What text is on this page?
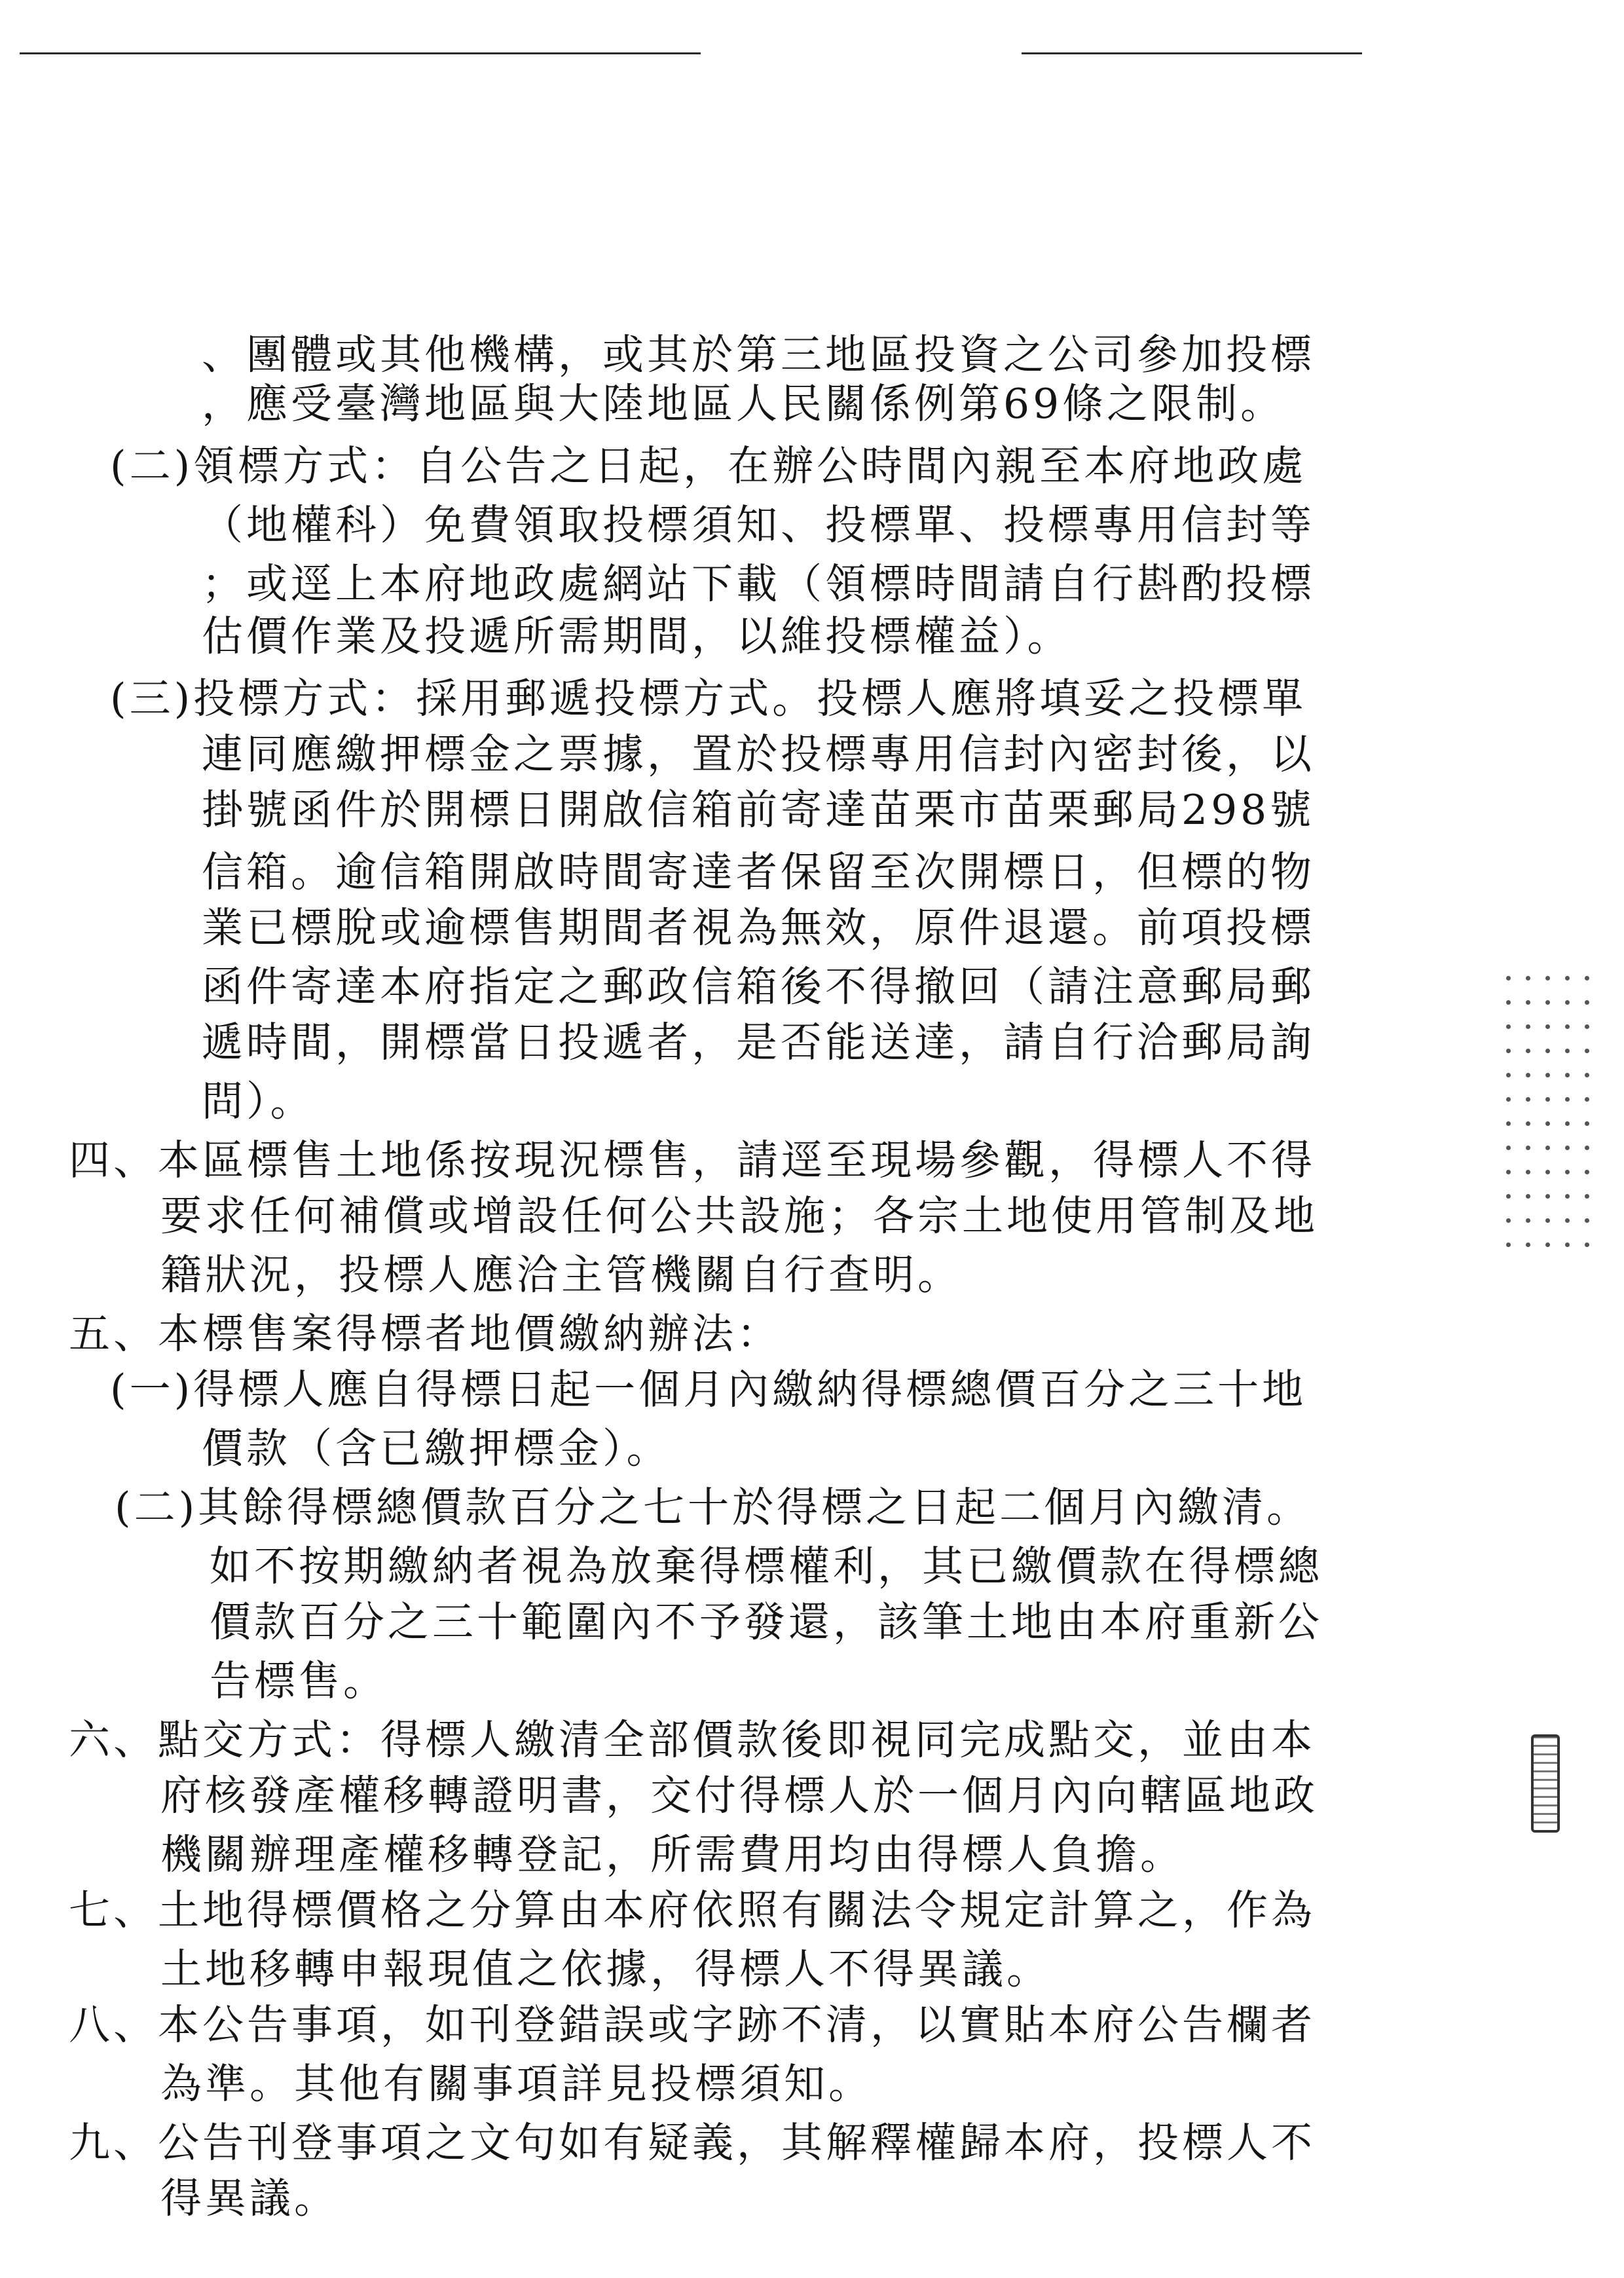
、團體或其他機構，或其於第三地區投資之公司參加投標
，應受臺灣地區與大陸地區人民關係例第69條之限制。
(二)領標方式：自公告之日起，在辦公時間內親至本府地政處
（地權科）免費領取投標須知、投標單、投標專用信封等
；或逕上本府地政處網站下載（領標時間請自行斟酌投標
估價作業及投遞所需期間，以維投標權益）。
(三)投標方式：採用郵遞投標方式。投標人應將填妥之投標單
連同應繳押標金之票據，置於投標專用信封內密封後，以
掛號函件於開標日開啟信箱前寄達苗栗市苗栗郵局298號
信箱。逾信箱開啟時間寄達者保留至次開標日，但標的物
業已標脫或逾標售期間者視為無效，原件退還。前項投標
函件寄達本府指定之郵政信箱後不得撤回（請注意郵局郵
遞時間，開標當日投遞者，是否能送達，請自行洽郵局詢
問）。
四、本區標售土地係按現況標售，請逕至現場參觀，得標人不得
要求任何補償或增設任何公共設施；各宗土地使用管制及地
籍狀況，投標人應洽主管機關自行查明。
五、本標售案得標者地價繳納辦法：
(一)得標人應自得標日起一個月內繳納得標總價百分之三十地
價款（含已繳押標金）。
(二)其餘得標總價款百分之七十於得標之日起二個月內繳清。
如不按期繳納者視為放棄得標權利，其已繳價款在得標總
價款百分之三十範圍內不予發還，該筆土地由本府重新公
告標售。
六、點交方式：得標人繳清全部價款後即視同完成點交，並由本
府核發產權移轉證明書，交付得標人於一個月內向轄區地政
機關辦理產權移轉登記，所需費用均由得標人負擔。
七、土地得標價格之分算由本府依照有關法令規定計算之，作為
土地移轉申報現值之依據，得標人不得異議。
八、本公告事項，如刊登錯誤或字跡不清，以實貼本府公告欄者
為準。其他有關事項詳見投標須知。
九、公告刊登事項之文句如有疑義，其解釋權歸本府，投標人不
得異議。
